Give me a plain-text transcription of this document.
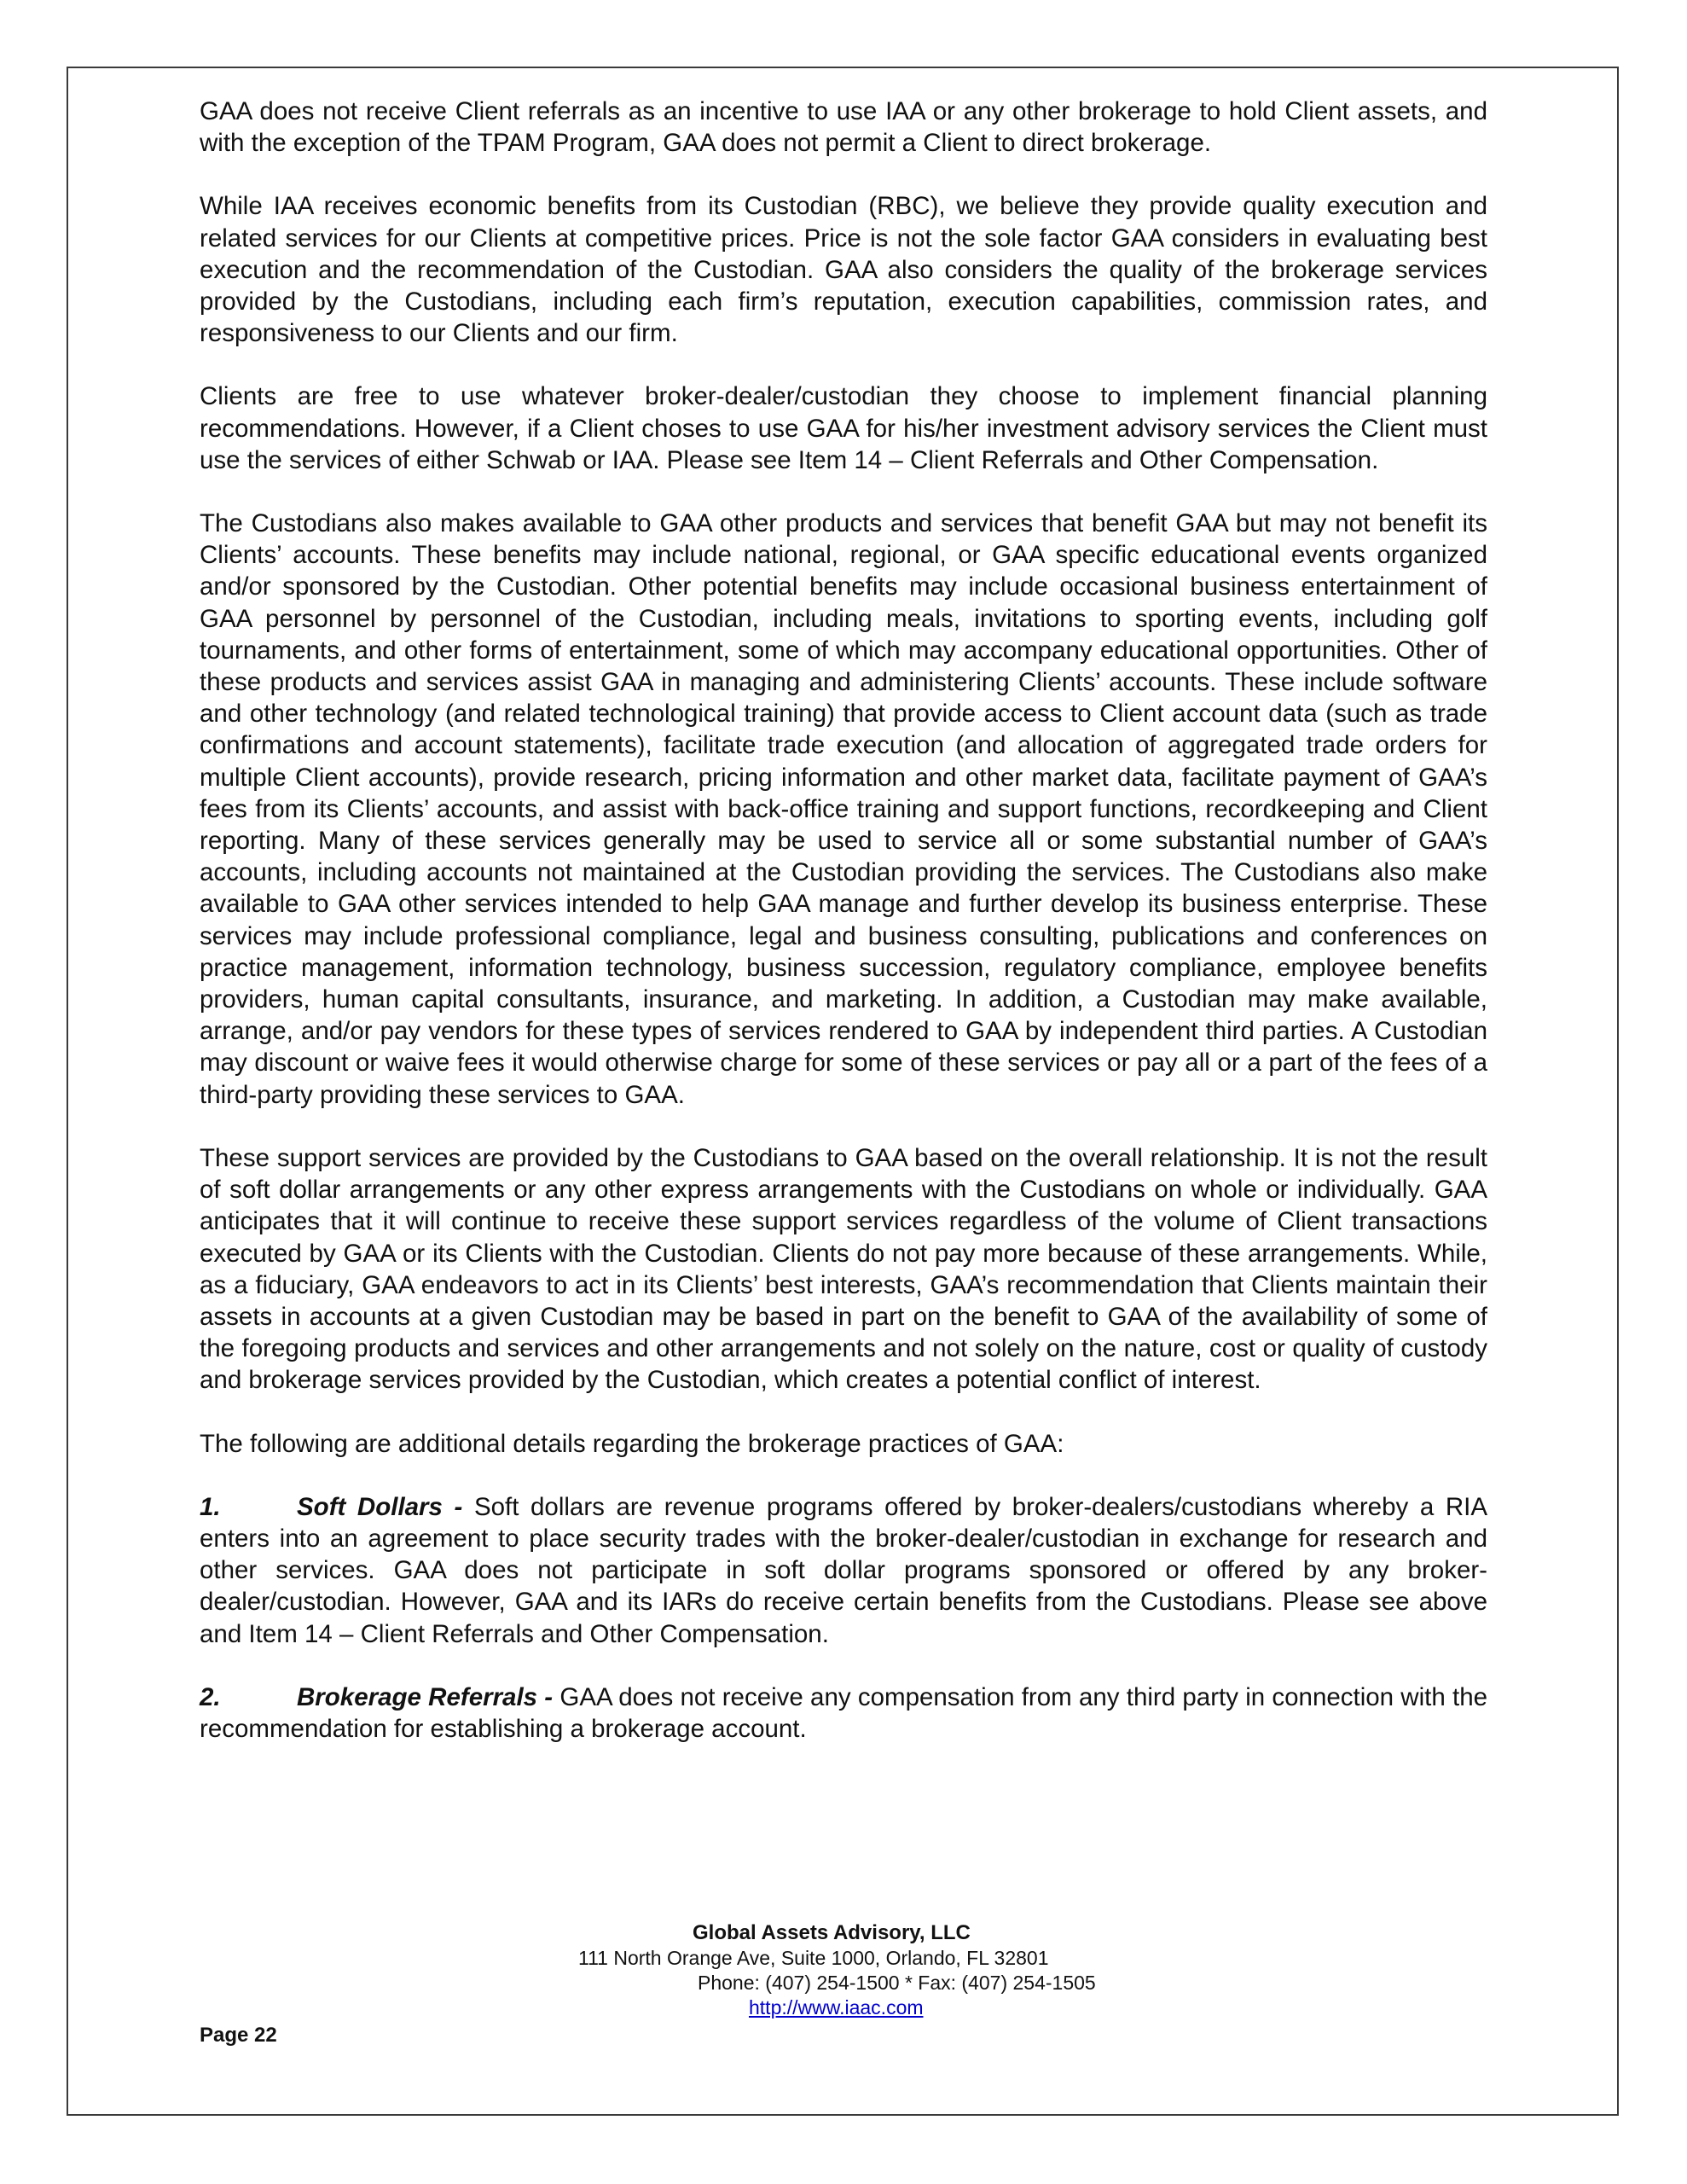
GAA does not receive Client referrals as an incentive to use IAA or any other brokerage to hold Client assets, and with the exception of the TPAM Program, GAA does not permit a Client to direct brokerage.

While IAA receives economic benefits from its Custodian (RBC), we believe they provide quality execution and related services for our Clients at competitive prices. Price is not the sole factor GAA considers in evaluating best execution and the recommendation of the Custodian. GAA also considers the quality of the brokerage services provided by the Custodians, including each firm’s reputation, execution capabilities, commission rates, and responsiveness to our Clients and our firm.

Clients are free to use whatever broker-dealer/custodian they choose to implement financial planning recommendations. However, if a Client choses to use GAA for his/her investment advisory services the Client must use the services of either Schwab or IAA. Please see Item 14 – Client Referrals and Other Compensation.

The Custodians also makes available to GAA other products and services that benefit GAA but may not benefit its Clients’ accounts. These benefits may include national, regional, or GAA specific educational events organized and/or sponsored by the Custodian. Other potential benefits may include occasional business entertainment of GAA personnel by personnel of the Custodian, including meals, invitations to sporting events, including golf tournaments, and other forms of entertainment, some of which may accompany educational opportunities. Other of these products and services assist GAA in managing and administering Clients’ accounts. These include software and other technology (and related technological training) that provide access to Client account data (such as trade confirmations and account statements), facilitate trade execution (and allocation of aggregated trade orders for multiple Client accounts), provide research, pricing information and other market data, facilitate payment of GAA’s fees from its Clients’ accounts, and assist with back-office training and support functions, recordkeeping and Client reporting. Many of these services generally may be used to service all or some substantial number of GAA’s accounts, including accounts not maintained at the Custodian providing the services. The Custodians also make available to GAA other services intended to help GAA manage and further develop its business enterprise. These services may include professional compliance, legal and business consulting, publications and conferences on practice management, information technology, business succession, regulatory compliance, employee benefits providers, human capital consultants, insurance, and marketing. In addition, a Custodian may make available, arrange, and/or pay vendors for these types of services rendered to GAA by independent third parties. A Custodian may discount or waive fees it would otherwise charge for some of these services or pay all or a part of the fees of a third-party providing these services to GAA.

These support services are provided by the Custodians to GAA based on the overall relationship. It is not the result of soft dollar arrangements or any other express arrangements with the Custodians on whole or individually. GAA anticipates that it will continue to receive these support services regardless of the volume of Client transactions executed by GAA or its Clients with the Custodian. Clients do not pay more because of these arrangements. While, as a fiduciary, GAA endeavors to act in its Clients’ best interests, GAA’s recommendation that Clients maintain their assets in accounts at a given Custodian may be based in part on the benefit to GAA of the availability of some of the foregoing products and services and other arrangements and not solely on the nature, cost or quality of custody and brokerage services provided by the Custodian, which creates a potential conflict of interest.

The following are additional details regarding the brokerage practices of GAA:

1.	Soft Dollars - Soft dollars are revenue programs offered by broker-dealers/custodians whereby a RIA enters into an agreement to place security trades with the broker-dealer/custodian in exchange for research and other services. GAA does not participate in soft dollar programs sponsored or offered by any broker-dealer/custodian. However, GAA and its IARs do receive certain benefits from the Custodians. Please see above and Item 14 – Client Referrals and Other Compensation.

2.	Brokerage Referrals - GAA does not receive any compensation from any third party in connection with the recommendation for establishing a brokerage account.

Global Assets Advisory, LLC
111 North Orange Ave, Suite 1000, Orlando, FL 32801
Phone: (407) 254-1500 * Fax: (407) 254-1505
http://www.iaac.com
Page 22
